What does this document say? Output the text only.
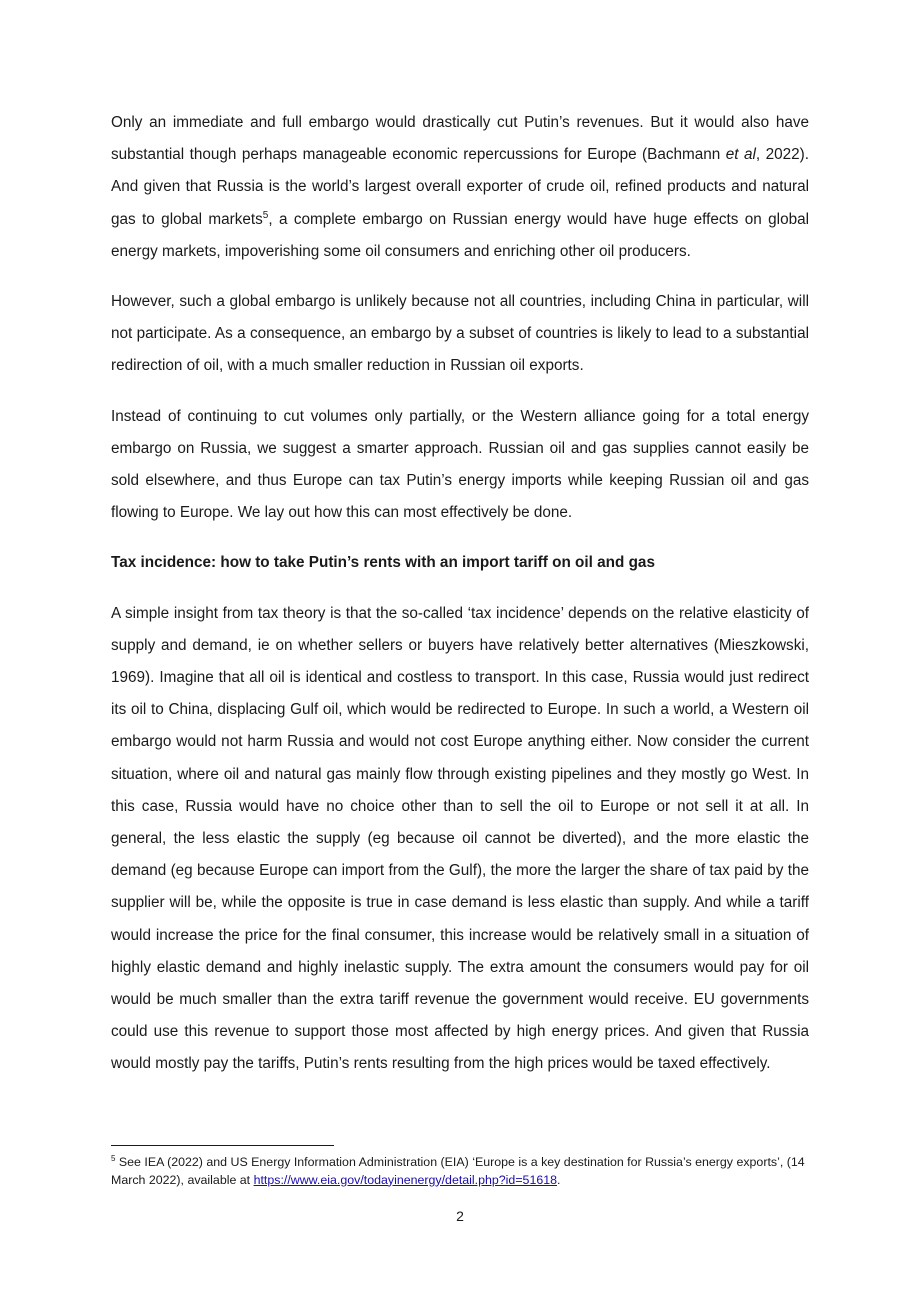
Only an immediate and full embargo would drastically cut Putin’s revenues. But it would also have substantial though perhaps manageable economic repercussions for Europe (Bachmann et al, 2022). And given that Russia is the world’s largest overall exporter of crude oil, refined products and natural gas to global markets$^5$, a complete embargo on Russian energy would have huge effects on global energy markets, impoverishing some oil consumers and enriching other oil producers.

However, such a global embargo is unlikely because not all countries, including China in particular, will not participate. As a consequence, an embargo by a subset of countries is likely to lead to a substantial redirection of oil, with a much smaller reduction in Russian oil exports.

Instead of continuing to cut volumes only partially, or the Western alliance going for a total energy embargo on Russia, we suggest a smarter approach. Russian oil and gas supplies cannot easily be sold elsewhere, and thus Europe can tax Putin’s energy imports while keeping Russian oil and gas flowing to Europe. We lay out how this can most effectively be done.

Tax incidence: how to take Putin’s rents with an import tariff on oil and gas

A simple insight from tax theory is that the so-called ‘tax incidence’ depends on the relative elasticity of supply and demand, ie on whether sellers or buyers have relatively better alternatives (Mieszkowski, 1969). Imagine that all oil is identical and costless to transport. In this case, Russia would just redirect its oil to China, displacing Gulf oil, which would be redirected to Europe. In such a world, a Western oil embargo would not harm Russia and would not cost Europe anything either. Now consider the current situation, where oil and natural gas mainly flow through existing pipelines and they mostly go West. In this case, Russia would have no choice other than to sell the oil to Europe or not sell it at all. In general, the less elastic the supply (eg because oil cannot be diverted), and the more elastic the demand (eg because Europe can import from the Gulf), the more the larger the share of tax paid by the supplier will be, while the opposite is true in case demand is less elastic than supply. And while a tariff would increase the price for the final consumer, this increase would be relatively small in a situation of highly elastic demand and highly inelastic supply. The extra amount the consumers would pay for oil would be much smaller than the extra tariff revenue the government would receive. EU governments could use this revenue to support those most affected by high energy prices. And given that Russia would mostly pay the tariffs, Putin’s rents resulting from the high prices would be taxed effectively.

$^5$ See IEA (2022) and US Energy Information Administration (EIA) ‘Europe is a key destination for Russia’s energy exports’, (14 March 2022), available at https://www.eia.gov/todayinenergy/detail.php?id=51618.
2
